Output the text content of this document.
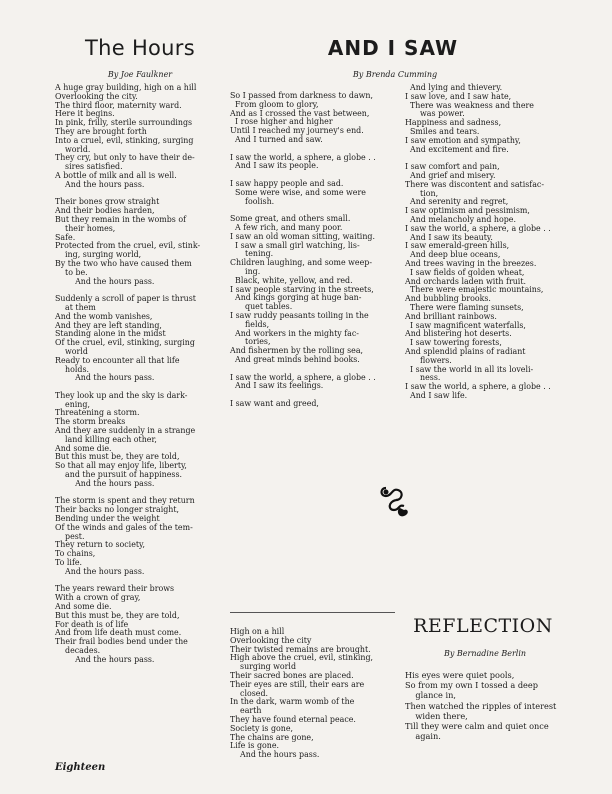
The Hours
By Joe Faulkner
A huge gray building, high on a hill
Overlooking the city.
The third floor, maternity ward.
Here it begins.
In pink, frilly, sterile surroundings
They are brought forth
Into a cruel, evil, stinking, surging
world.
They cry, but only to have their de-
sires satisfied.
A bottle of milk and all is well.
And the hours pass.

Their bones grow straight
And their bodies harden,
But they remain in the wombs of
their homes,
Safe.
Protected from the cruel, evil, stink-
ing, surging world,
By the two who have caused them
to be.
And the hours pass.

Suddenly a scroll of paper is thrust
at them
And the womb vanishes,
And they are left standing,
Standing alone in the midst
Of the cruel, evil, stinking, surging
world
Ready to encounter all that life
holds.
And the hours pass.

They look up and the sky is dark-
ening,
Threatening a storm.
The storm breaks
And they are suddenly in a strange
land killing each other,
And some die.
But this must be, they are told,
So that all may enjoy life, liberty,
and the pursuit of happiness.
And the hours pass.

The storm is spent and they return
Their backs no longer straight,
Bending under the weight
Of the winds and gales of the tem-
pest.
They return to society,
To chains,
To life.
And the hours pass.

The years reward their brows
With a crown of gray,
And some die.
But this must be, they are told,
For death is of life
And from life death must come.
Their frail bodies bend under the
decades.
And the hours pass.
AND I SAW
By Brenda Cumming
So I passed from darkness to dawn,
From gloom to glory,
And as I crossed the vast between,
I rose higher and higher
Until I reached my journey's end.
And I turned and saw.

I saw the world, a sphere, a globe . .
And I saw its people.

I saw happy people and sad.
Some were wise, and some were
foolish.

Some great, and others small.
A few rich, and many poor.
I saw an old woman sitting, waiting.
I saw a small girl watching, lis-
tening.
Children laughing, and some weep-
ing.
Black, white, yellow, and red.
I saw people starving in the streets,
And kings gorging at huge ban-
quet tables.
I saw ruddy peasants toiling in the
fields,
And workers in the mighty fac-
tories,
And fishermen by the rolling sea,
And great minds behind books.

I saw the world, a sphere, a globe . .
And I saw its feelings.

I saw want and greed,
And lying and thievery.
I saw love, and I saw hate,
There was weakness and there
was power.
Happiness and sadness,
Smiles and tears.
I saw emotion and sympathy,
And excitement and fire.

I saw comfort and pain,
And grief and misery.
There was discontent and satisfac-
tion,
And serenity and regret,
I saw optimism and pessimism,
And melancholy and hope.
I saw the world, a sphere, a globe . .
And I saw its beauty.
I saw emerald-green hills,
And deep blue oceans,
And trees waving in the breezes.
I saw fields of golden wheat,
And orchards laden with fruit.
There were emajestic mountains,
And bubbling brooks.
There were flaming sunsets,
And brilliant rainbows.
I saw magnificent waterfalls,
And blistering hot deserts.
I saw towering forests,
And splendid plains of radiant
flowers.
I saw the world in all its loveli-
ness.
I saw the world, a sphere, a globe . .
And I saw life.
High on a hill
Overlooking the city
Their twisted remains are brought.
High above the cruel, evil, stinking,
surging world
Their sacred bones are placed.
Their eyes are still, their ears are
closed.
In the dark, warm womb of the
earth
They have found eternal peace.
Society is gone,
The chains are gone,
Life is gone.
And the hours pass.
REFLECTION
By Bernadine Berlin
His eyes were quiet pools,
So from my own I tossed a deep
glance in,
Then watched the ripples of interest
widen there,
Till they were calm and quiet once
again.
Eighteen
